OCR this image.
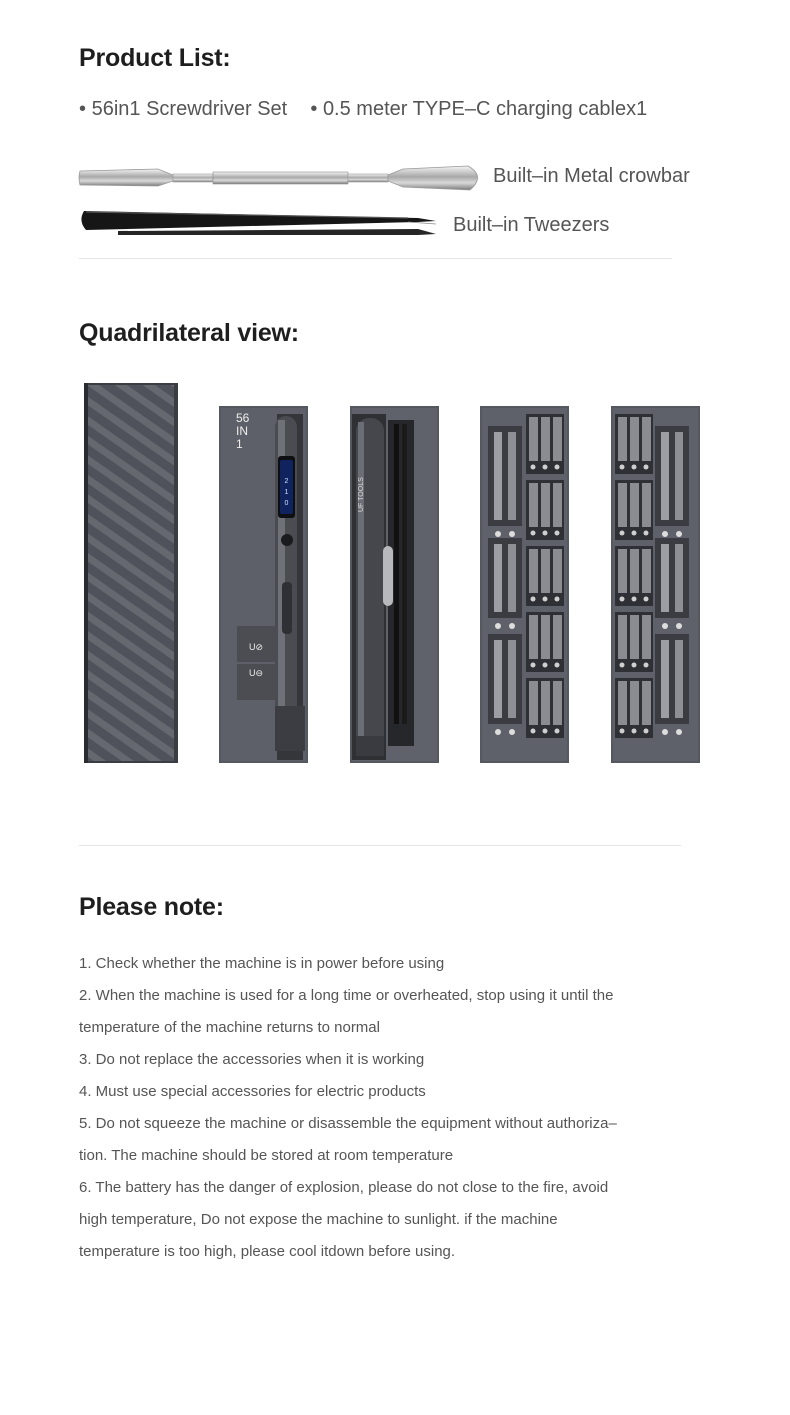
Product List:
• 56in1 Screwdriver Set • 0.5 meter TYPE–C charging cablex1
Built–in Metal crowbar
Built–in Tweezers
Quadrilateral view:
56
IN
1
2
1
0
U⊘
U⊖
UF TOOLS
Please note:

1. Check whether the machine is in power before using

2. When the machine is used for a long time or overheated, stop using it until the

temperature of the machine returns to normal

3. Do not replace the accessories when it is working

4. Must use special accessories for electric products

5. Do not squeeze the machine or disassemble the equipment without authoriza–

tion. The machine should be stored at room temperature

6. The battery has the danger of explosion, please do not close to the fire, avoid

high temperature, Do not expose the machine to sunlight. if the machine

temperature is too high, please cool itdown before using.
